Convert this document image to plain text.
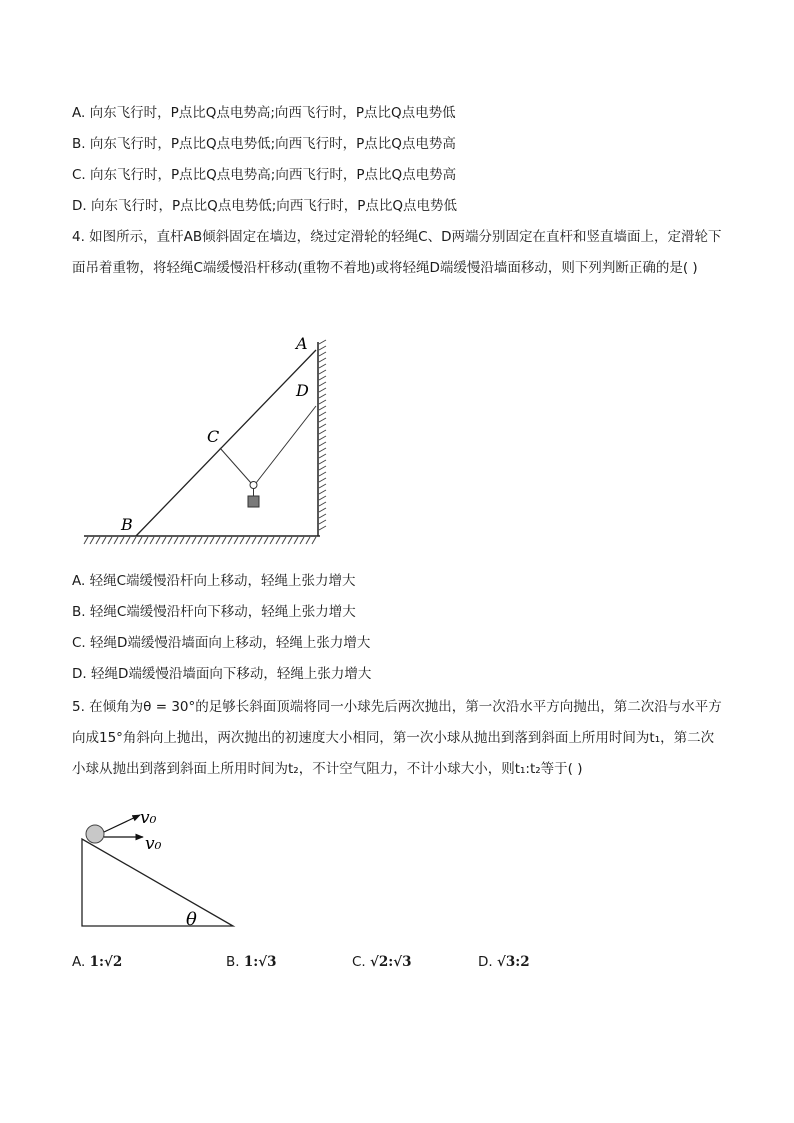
A. 向东飞行时，P点比Q点电势高;向西飞行时，P点比Q点电势低
B. 向东飞行时，P点比Q点电势低;向西飞行时，P点比Q点电势高
C. 向东飞行时，P点比Q点电势高;向西飞行时，P点比Q点电势高
D. 向东飞行时，P点比Q点电势低;向西飞行时，P点比Q点电势低
4. 如图所示，直杆AB倾斜固定在墙边，绕过定滑轮的轻绳C、D两端分别固定在直杆和竖直墙面上，定滑轮下面吊着重物，将轻绳C端缓慢沿杆移动(重物不着地)或将轻绳D端缓慢沿墙面移动，则下列判断正确的是( )
A
D
C
B
A. 轻绳C端缓慢沿杆向上移动，轻绳上张力增大
B. 轻绳C端缓慢沿杆向下移动，轻绳上张力增大
C. 轻绳D端缓慢沿墙面向上移动，轻绳上张力增大
D. 轻绳D端缓慢沿墙面向下移动，轻绳上张力增大
5. 在倾角为θ = 30°的足够长斜面顶端将同一小球先后两次抛出，第一次沿水平方向抛出，第二次沿与水平方向成15°角斜向上抛出，两次抛出的初速度大小相同，第一次小球从抛出到落到斜面上所用时间为t₁，第二次小球从抛出到落到斜面上所用时间为t₂，不计空气阻力，不计小球大小，则t₁:t₂等于( )
v₀
v₀
θ
A. 1:√2	B. 1:√3	C. √2:√3	D. √3:2
